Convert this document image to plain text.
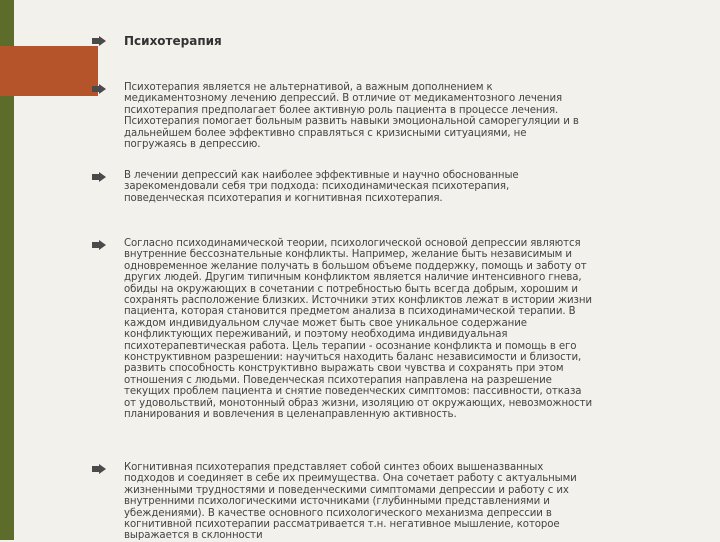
Психотерапия
Психотерапия является не альтернативой, а важным дополнением к медикаментозному лечению депрессий. В отличие от медикаментозного лечения психотерапия предполагает более активную роль пациента в процессе лечения. Психотерапия помогает больным развить навыки эмоциональной саморегуляции и в дальнейшем более эффективно справляться с кризисными ситуациями, не погружаясь в депрессию.
В лечении депрессий как наиболее эффективные и научно обоснованные зарекомендовали себя три подхода: психодинамическая психотерапия, поведенческая психотерапия и когнитивная психотерапия.
Согласно психодинамической теории, психологической основой депрессии являются внутренние бессознательные конфликты. Например, желание быть независимым и одновременное желание получать в большом объеме поддержку, помощь и заботу от других людей. Другим типичным конфликтом является наличие интенсивного гнева, обиды на окружающих в сочетании с потребностью быть всегда добрым, хорошим и сохранять расположение близких. Источники этих конфликтов лежат в истории жизни пациента, которая становится предметом анализа в психодинамической терапии. В каждом индивидуальном случае может быть свое уникальное содержание конфликтующих переживаний, и поэтому необходима индивидуальная психотерапевтическая работа. Цель терапии - осознание конфликта и помощь в его конструктивном разрешении: научиться находить баланс независимости и близости, развить способность конструктивно выражать свои чувства и сохранять при этом отношения с людьми. Поведенческая психотерапия направлена на разрешение текущих проблем пациента и снятие поведенческих симптомов: пассивности, отказа от удовольствий, монотонный образ жизни, изоляцию от окружающих, невозможности планирования и вовлечения в целенаправленную активность.
Когнитивная психотерапия представляет собой синтез обоих вышеназванных подходов и соединяет в себе их преимущества. Она сочетает работу с актуальными жизненными трудностями и поведенческими симптомами депрессии и работу с их внутренними психологическими источниками (глубинными представлениями и убеждениями). В качестве основного психологического механизма депрессии в когнитивной психотерапии рассматривается т.н. негативное мышление, которое выражается в склонности
